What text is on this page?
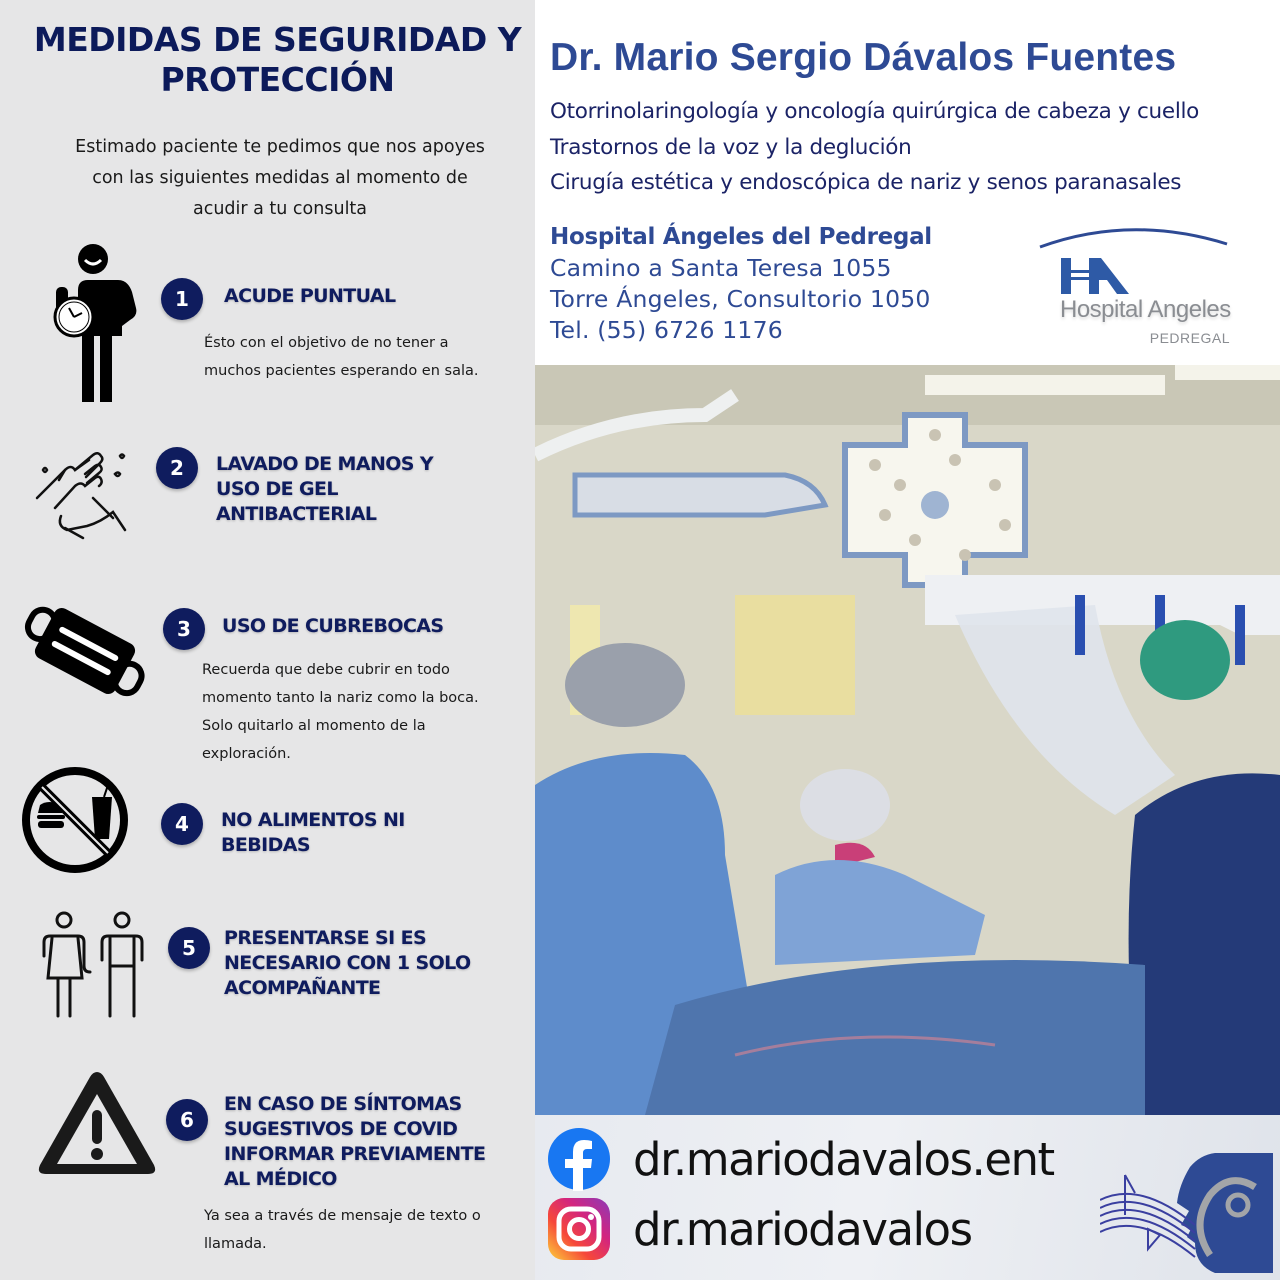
MEDIDAS DE SEGURIDAD Y
PROTECCIÓN
Estimado paciente te pedimos que nos apoyes
con las siguientes medidas al momento de
acudir a tu consulta
1	ACUDE PUNTUAL
Ésto con el objetivo de no tener a
muchos pacientes esperando en sala.
2	LAVADO DE MANOS Y
USO DE GEL
ANTIBACTERIAL
3	USO DE CUBREBOCAS
Recuerda que debe cubrir en todo
momento tanto la nariz como la boca.
Solo quitarlo al momento de la
exploración.
4	NO ALIMENTOS NI
BEBIDAS
5	PRESENTARSE SI ES
NECESARIO CON 1 SOLO
ACOMPAÑANTE
6
EN CASO DE SÍNTOMAS
SUGESTIVOS DE COVID
INFORMAR PREVIAMENTE
AL MÉDICO
Ya sea a través de mensaje de texto o
llamada.
Dr. Mario Sergio Dávalos Fuentes
Otorrinolaringología y oncología quirúrgica de cabeza y cuello
Trastornos de la voz y la deglución
Cirugía estética y endoscópica de nariz y senos paranasales
Hospital Ángeles del Pedregal
Camino a Santa Teresa 1055
Torre Ángeles, Consultorio 1050
Tel. (55) 6726 1176
Hospital Angeles
PEDREGAL
dr.mariodavalos.ent
dr.mariodavalos
